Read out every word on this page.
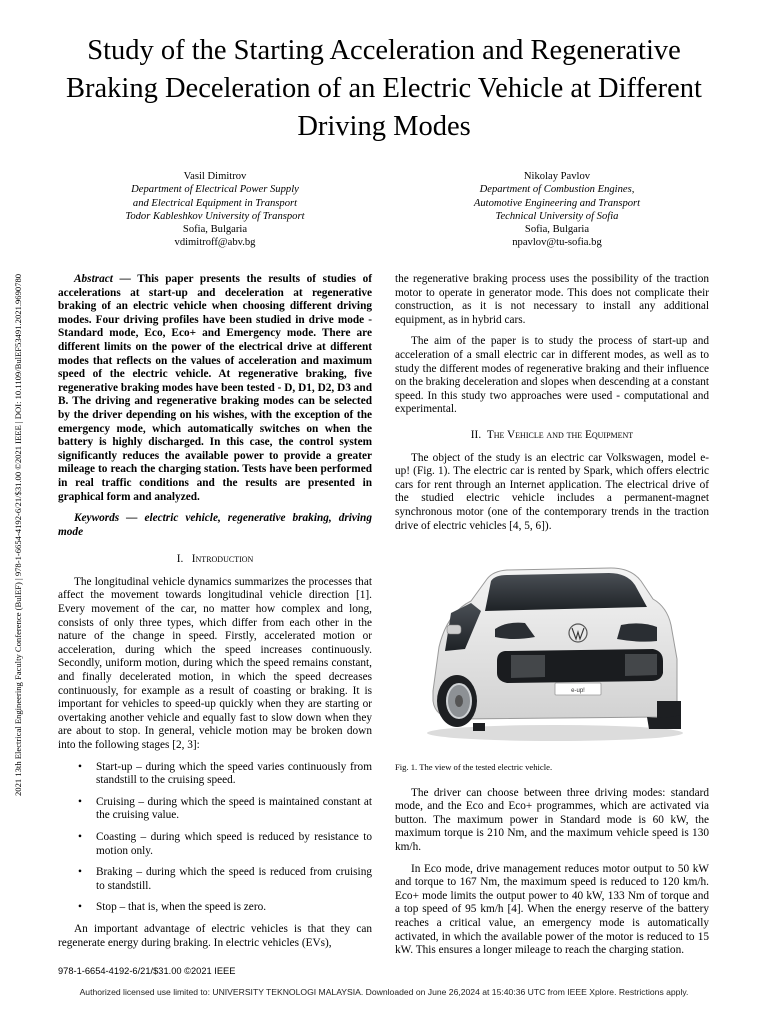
Study of the Starting Acceleration and Regenerative Braking Deceleration of an Electric Vehicle at Different Driving Modes
Vasil Dimitrov
Department of Electrical Power Supply
and Electrical Equipment in Transport
Todor Kableshkov University of Transport
Sofia, Bulgaria
vdimitroff@abv.bg
Nikolay Pavlov
Department of Combustion Engines,
Automotive Engineering and Transport
Technical University of Sofia
Sofia, Bulgaria
npavlov@tu-sofia.bg
2021 13th Electrical Engineering Faculty Conference (BulEF) | 978-1-6654-4192-6/21/$31.00 ©2021 IEEE | DOI: 10.1109/BulEF53491.2021.9690780	Abstract — This paper presents the results of studies of accelerations at start-up and deceleration at regenerative braking of an electric vehicle when choosing different driving modes. Four driving profiles have been studied in drive mode - Standard mode, Eco, Eco+ and Emergency mode. There are different limits on the power of the electrical drive at different modes that reflects on the values of acceleration and maximum speed of the electric vehicle. At regenerative braking, five regenerative braking modes have been tested - D, D1, D2, D3 and B. The driving and regenerative braking modes can be selected by the driver depending on his wishes, with the exception of the emergency mode, which automatically switches on when the battery is highly discharged. In this case, the control system significantly reduces the available power to provide a greater mileage to reach the charging station. Tests have been performed in real traffic conditions and the results are presented in graphical form and analyzed.

Keywords — electric vehicle, regenerative braking, driving mode

I. Introduction

The longitudinal vehicle dynamics summarizes the processes that affect the movement towards longitudinal vehicle direction [1]. Every movement of the car, no matter how complex and long, consists of only three types, which differ from each other in the nature of the change in speed. Firstly, accelerated motion or acceleration, during which the speed increases continuously. Secondly, uniform motion, during which the speed remains constant, and finally decelerated motion, in which the speed decreases continuously, for example as a result of coasting or braking. It is important for vehicles to speed-up quickly when they are starting or overtaking another vehicle and equally fast to slow down when they are about to stop. In general, vehicle motion may be broken down into the following stages [2, 3]:

• Start-up – during which the speed varies continuously from standstill to the cruising speed.
• Cruising – during which the speed is maintained constant at the cruising value.
• Coasting – during which speed is reduced by resistance to motion only.
• Braking – during which the speed is reduced from cruising to standstill.
• Stop – that is, when the speed is zero.

An important advantage of electric vehicles is that they can regenerate energy during braking. In electric vehicles (EVs),

the regenerative braking process uses the possibility of the traction motor to operate in generator mode. This does not complicate their construction, as it is not necessary to install any additional equipment, as in hybrid cars.

The aim of the paper is to study the process of start-up and acceleration of a small electric car in different modes, as well as to study the different modes of regenerative braking and their influence on the braking deceleration and slopes when descending at a constant speed. In this study two approaches were used - computational and experimental.

II. The Vehicle and the Equipment

The object of the study is an electric car Volkswagen, model e-up! (Fig. 1). The electric car is rented by Spark, which offers electric cars for rent through an Internet application. The electrical drive of the studied electric vehicle includes a permanent-magnet synchronous motor (one of the contemporary trends in the traction drive of electric vehicles [4, 5, 6]).

e-up!

Fig. 1. The view of the tested electric vehicle.

The driver can choose between three driving modes: standard mode, and the Eco and Eco+ programmes, which are activated via button. The maximum power in Standard mode is 60 kW, the maximum torque is 210 Nm, and the maximum vehicle speed is 130 km/h.

In Eco mode, drive management reduces motor output to 50 kW and torque to 167 Nm, the maximum speed is reduced to 120 km/h. Eco+ mode limits the output power to 40 kW, 133 Nm of torque and a top speed of 95 km/h [4]. When the energy reserve of the battery reaches a critical value, an emergency mode is automatically activated, in which the available power of the motor is reduced to 15 kW. This ensures a longer mileage to reach the charging station.

978-1-6654-4192-6/21/$31.00 ©2021 IEEE
Authorized licensed use limited to: UNIVERSITY TEKNOLOGI MALAYSIA. Downloaded on June 26,2024 at 15:40:36 UTC from IEEE Xplore. Restrictions apply.
